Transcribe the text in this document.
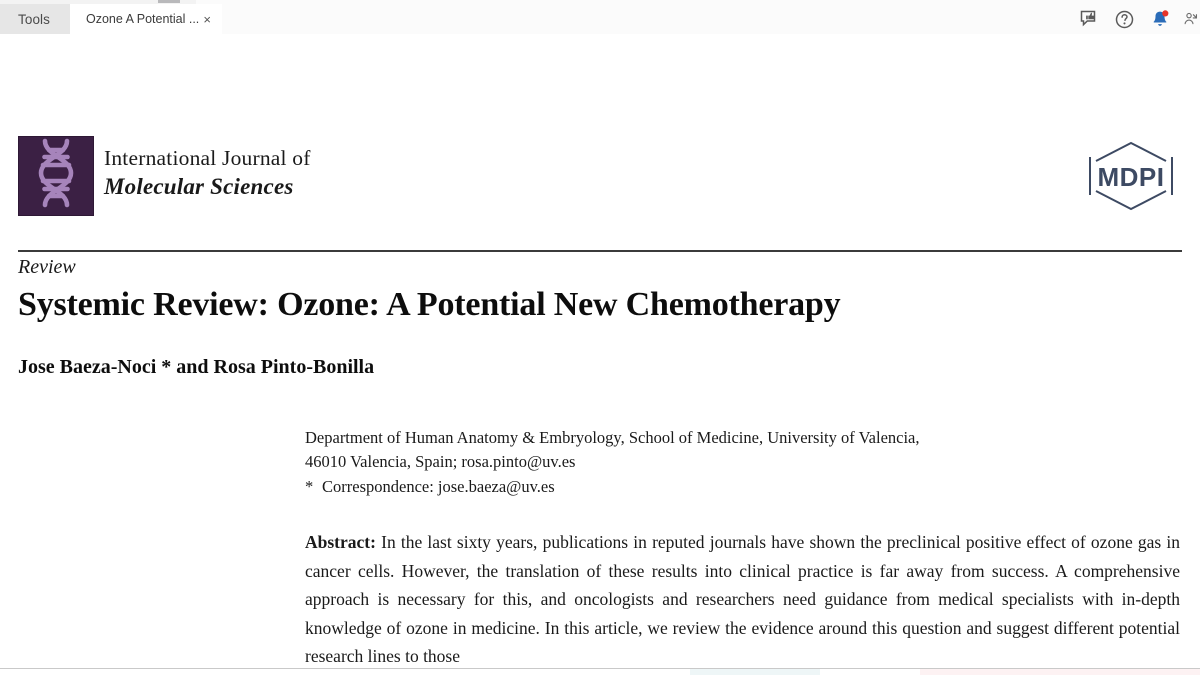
Tools	Ozone A Potential ... ×
International Journal of
Molecular Sciences	MDPI
Review
Systemic Review: Ozone: A Potential New Chemotherapy
Jose Baeza-Noci * and Rosa Pinto-Bonilla
Department of Human Anatomy & Embryology, School of Medicine, University of Valencia,
46010 Valencia, Spain; rosa.pinto@uv.es
* Correspondence: jose.baeza@uv.es
Abstract: In the last sixty years, publications in reputed journals have shown the preclinical positive effect of ozone gas in cancer cells. However, the translation of these results into clinical practice is far away from success. A comprehensive approach is necessary for this, and oncologists and researchers need guidance from medical specialists with in-depth knowledge of ozone in medicine. In this article, we review the evidence around this question and suggest different potential research lines to those
